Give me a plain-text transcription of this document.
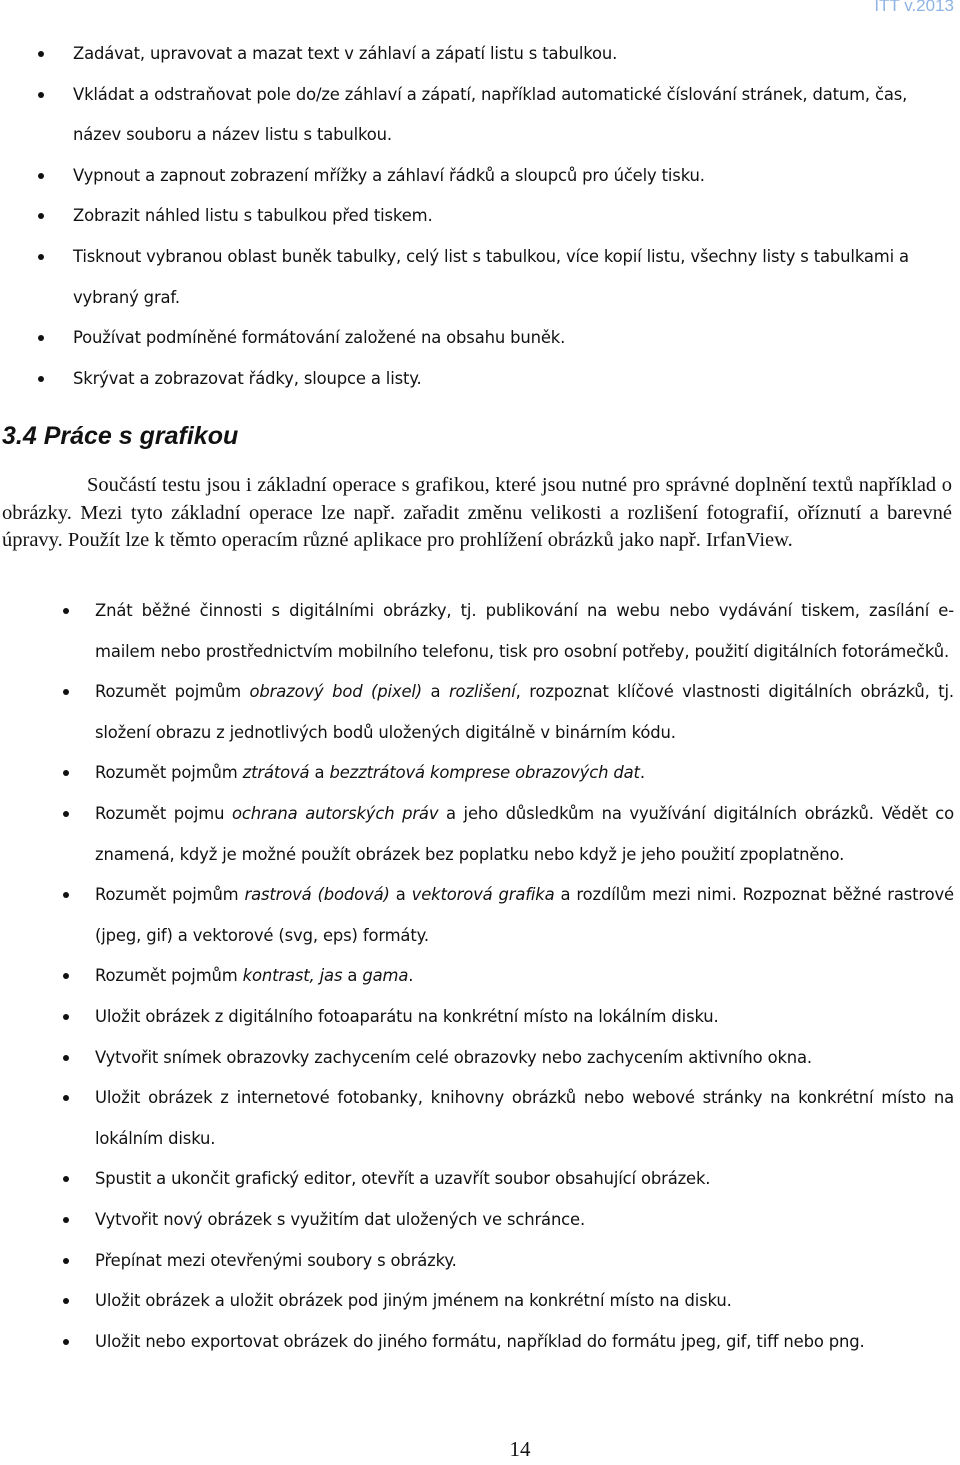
ITT v.2013
Zadávat, upravovat a mazat text v záhlaví a zápatí listu s tabulkou.
Vkládat a odstraňovat pole do/ze záhlaví a zápatí, například automatické číslování stránek, datum, čas, název souboru a název listu s tabulkou.
Vypnout a zapnout zobrazení mřížky a záhlaví řádků a sloupců pro účely tisku.
Zobrazit náhled listu s tabulkou před tiskem.
Tisknout vybranou oblast buněk tabulky, celý list s tabulkou, více kopií listu, všechny listy s tabulkami a vybraný graf.
Používat podmíněné formátování založené na obsahu buněk.
Skrývat a zobrazovat řádky, sloupce a listy.
3.4 Práce s grafikou

Součástí testu jsou i základní operace s grafikou, které jsou nutné pro správné doplnění textů například o obrázky. Mezi tyto základní operace lze např. zařadit změnu velikosti a rozlišení fotografií, oříznutí a barevné úpravy. Použít lze k těmto operacím různé aplikace pro prohlížení obrázků jako např. IrfanView.

Znát běžné činnosti s digitálními obrázky, tj. publikování na webu nebo vydávání tiskem, zasílání e-mailem nebo prostřednictvím mobilního telefonu, tisk pro osobní potřeby, použití digitálních fotorámečků.
Rozumět pojmům obrazový bod (pixel) a rozlišení, rozpoznat klíčové vlastnosti digitálních obrázků, tj. složení obrazu z jednotlivých bodů uložených digitálně v binárním kódu.
Rozumět pojmům ztrátová a bezztrátová komprese obrazových dat.
Rozumět pojmu ochrana autorských práv a jeho důsledkům na využívání digitálních obrázků. Vědět co znamená, když je možné použít obrázek bez poplatku nebo když je jeho použití zpoplatněno.
Rozumět pojmům rastrová (bodová) a vektorová grafika a rozdílům mezi nimi. Rozpoznat běžné rastrové (jpeg, gif) a vektorové (svg, eps) formáty.
Rozumět pojmům kontrast, jas a gama.
Uložit obrázek z digitálního fotoaparátu na konkrétní místo na lokálním disku.
Vytvořit snímek obrazovky zachycením celé obrazovky nebo zachycením aktivního okna.
Uložit obrázek z internetové fotobanky, knihovny obrázků nebo webové stránky na konkrétní místo na lokálním disku.
Spustit a ukončit grafický editor, otevřít a uzavřít soubor obsahující obrázek.
Vytvořit nový obrázek s využitím dat uložených ve schránce.
Přepínat mezi otevřenými soubory s obrázky.
Uložit obrázek a uložit obrázek pod jiným jménem na konkrétní místo na disku.
Uložit nebo exportovat obrázek do jiného formátu, například do formátu jpeg, gif, tiff nebo png.
14
